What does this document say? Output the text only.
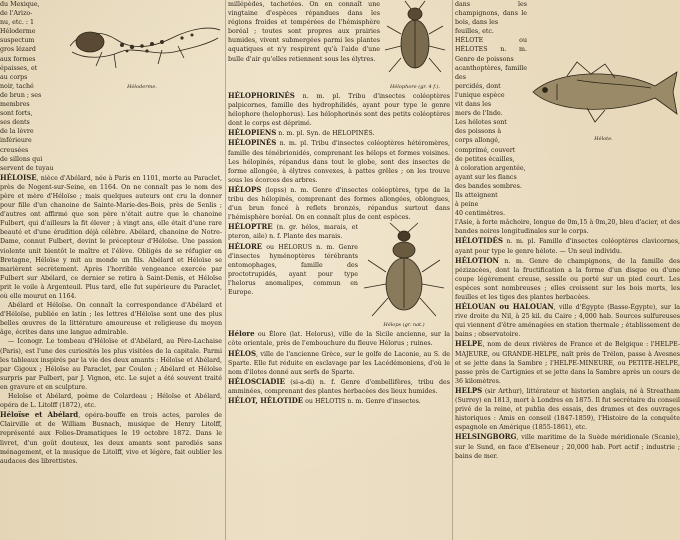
du Mexique,
de l'Arizo-
nu, etc. : 1
Héloderme
suspectum
gros lézard
aux formes
épaisses, et
au corps
noir, taché
de brun ; ses
membres
sont forts,
ses dents
de la lèvre
inférieure
creusées
de sillons qui
servent de tuyau

Héloderme.

HÉLOISE, nièce d'Abélard, née à Paris en 1101, morte au Paraclet, près de Nogent-sur-Seine, en 1164. On ne connaît pas le nom des père et mère d'Héloïse ; mais quelques auteurs ont cru la donner pour fille d'un chanoine de Sainte-Marie-des-Bois, près de Senlis ; d'autres ont affirmé que son père n'était autre que le chanoine Fulbert, qui d'ailleurs la fit élever ; à vingt ans, elle était d'une rare beauté et d'une érudition déjà célèbre. Abélard, chanoine de Notre-Dame, connut Fulbert, devint le précepteur d'Héloïse. Une passion violente unit bientôt le maître et l'élève. Obligés de se réfugier en Bretagne, Héloïse y mit au monde un fils. Abélard et Héloïse se marièrent secrètement. Après l'horrible vengeance exercée par Fulbert sur Abélard, ce dernier se retira à Saint-Denis, et Héloïse prit le voile à Argenteuil. Plus tard, elle fut supérieure du Paraclet, où elle mourut en 1164.

Abélard et Héloïse. On connaît la correspondance d'Abélard et d'Héloïse, publiée en latin ; les lettres d'Héloïse sont une des plus belles œuvres de la littérature amoureuse et religieuse du moyen âge, écrites dans une langue admirable.

— Iconogr. Le tombeau d'Héloïse et d'Abélard, au Père-Lachaise (Paris), est l'une des curiosités les plus visitées de la capitale. Parmi les tableaux inspirés par la vie des deux amants : Héloïse et Abélard, par Gigoux ; Héloïse au Paraclet, par Coulon ; Abélard et Héloïse surpris par Fulbert, par J. Vignon, etc. Le sujet a été souvent traité en gravure et en sculpture.

Heloïse et Abélard, poème de Colardeau ; Héloïse et Abélard, opéra de L. Litolff (1872), etc.

Héloïse et Abélard, opéra-bouffe en trois actes, paroles de Clairville et de William Busnach, musique de Henry Litolff, représenté aux Folies-Dramatiques le 19 octobre 1872. Dans le livret, d'un goût douteux, les deux amants sont parodiés sans ménagement, et la musique de Litolff, vive et légère, fait oublier les audaces des librettistes.

millépèdes, tachetées. On en connaît une vingtaine d'espèces répandues dans les régions froides et tempérées de l'hémisphère boréal ; toutes sont propres aux prairies humides, vivent submergées parmi les plantes aquatiques et n'y respirent qu'à l'aide d'une bulle d'air qu'elles retiennent sous les élytres.

Hélophore (gr. 4 f.).

HÉLOPHORINÉS n. m. pl. Tribu d'insectes coléoptères palpicornes, famille des hydrophilidés, ayant pour type le genre hélophore (helophorus). Les hélophorinés sont des petits coléoptères dont le corps est déprimé.

HÉLOPIENS n. m. pl. Syn. de HÉLOPINÉS.

HÉLOPINÉS n. m. pl. Tribu d'insectes coléoptères hétéromères, famille des ténébrionidés, comprenant les hélops et formes voisines. Les hélopinés, répandus dans tout le globe, sont des insectes de forme allongée, à élytres convexes, à pattes grêles ; on les trouve sous les écorces des arbres.

HÉLOPS (lopss) n. m. Genre d'insectes coléoptères, type de la tribu des hélopinés, comprenant des formes allongées, oblongues, d'un brun foncé à reflets bronzés, répandus surtout dans l'hémisphère boréal. On en connaît plus de cent espèces.

HÉLOPTRE (n. gr. hélos, marais, et pteron, aile) n. f. Plante des marais.

HÉLORE ou HÉLORUS n. m. Genre d'insectes hyménoptères térébrants entomophages, famille des proctotrupidés, ayant pour type l'helorus anomalipes, commun en Europe.

Hélops (gr. nat.)

Hélore ou Élore (lat. Helorus), ville de la Sicile ancienne, sur la côte orientale, près de l'embouchure du fleuve Hélorus ; ruines.

HÉLOS, ville de l'ancienne Grèce, sur le golfe de Laconie, au S. de Sparte. Elle fut réduite en esclavage par les Lacédémoniens, d'où le nom d'ilotes donné aux serfs de Sparte.

HÉLOSCIADIE (si-a-di) n. f. Genre d'ombellifères, tribu des amminées, comprenant des plantes herbacées des lieux humides.

HÉLOT, HÉLOTIDE ou HÉLOTIS n. m. Genre d'insectes.

dans les champignons, dans le bois, dans les
feuilles, etc.
HÉLOTE ou HÉLOTES n. m. Genre de poissons
acanthoptères, famille des
percidés, dont
l'unique espèce
vit dans les
mers de l'Inde.
Les hélotes sont
des poissons à
corps allongé,
comprimé, couvert
de petites écailles,
à coloration argentée,
ayant sur les flancs
des bandes sombres.
Ils atteignent
à peine
40 centimètres.

Hélote.

l'Asie, à forte mâchoire, longue de 0m,15 à 0m,20, bleu d'acier, et des bandes noires longitudinales sur le corps.

HÉLOTIDÉS n. m. pl. Famille d'insectes coléoptères clavicornes, ayant pour type le genre hélote. — Un seul individu.

HÉLOTION n. m. Genre de champignons, de la famille des pézizacées, dont la fructification a la forme d'un disque ou d'une coupe légèrement creuse, sessile ou porté sur un pied court. Les espèces sont nombreuses ; elles croissent sur les bois morts, les feuilles et les tiges des plantes herbacées.

HÉLOUAN ou HALOUAN, ville d'Égypte (Basse-Égypte), sur la rive droite du Nil, à 25 kil. du Caire ; 4,000 hab. Sources sulfureuses qui viennent d'être aménagées en station thermale ; établissement de bains ; observatoire.

HELPE, nom de deux rivières de France et de Belgique : l'HELPE-MAJEURE, ou GRANDE-HELPE, naît près de Trélon, passe à Avesnes et se jette dans la Sambre ; l'HELPE-MINEURE, ou PETITE-HELPE, passe près de Cartignies et se jette dans la Sambre après un cours de 36 kilomètres.

HELPS (sir Arthur), littérateur et historien anglais, né à Streatham (Surrey) en 1813, mort à Londres en 1875. Il fut secrétaire du conseil privé de la reine, et publia des essais, des drames et des ouvrages historiques : Amis en conseil (1847-1859), l'Histoire de la conquête espagnole en Amérique (1855-1861), etc.

HELSINGBORG, ville maritime de la Suède méridionale (Scanie), sur le Sund, en face d'Elseneur ; 20,000 hab. Port actif ; industrie ; bains de mer.
